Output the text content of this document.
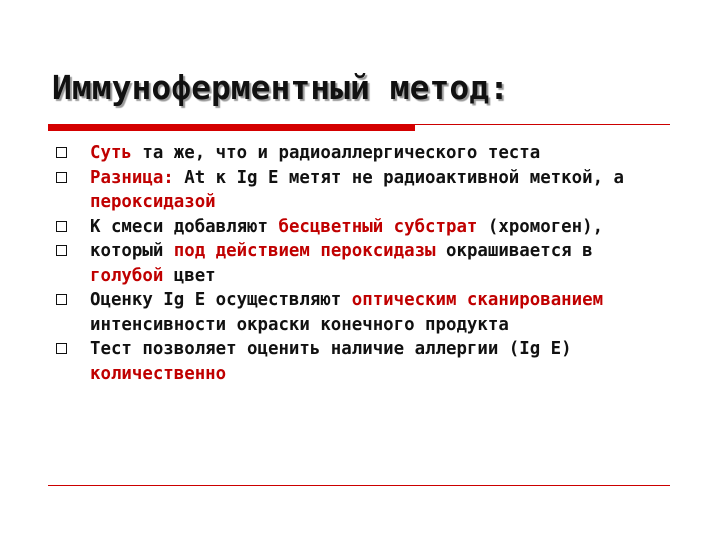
Иммуноферментный метод:
Суть та же, что и радиоаллергического теста
Разница: At к Ig E метят не радиоактивной меткой, а пероксидазой
К смеси добавляют бесцветный субстрат (хромоген),
который под действием пероксидазы окрашивается в голубой цвет
Оценку Ig E осуществляют оптическим сканированием интенсивности окраски конечного продукта
Тест позволяет оценить наличие аллергии (Ig E) количественно
